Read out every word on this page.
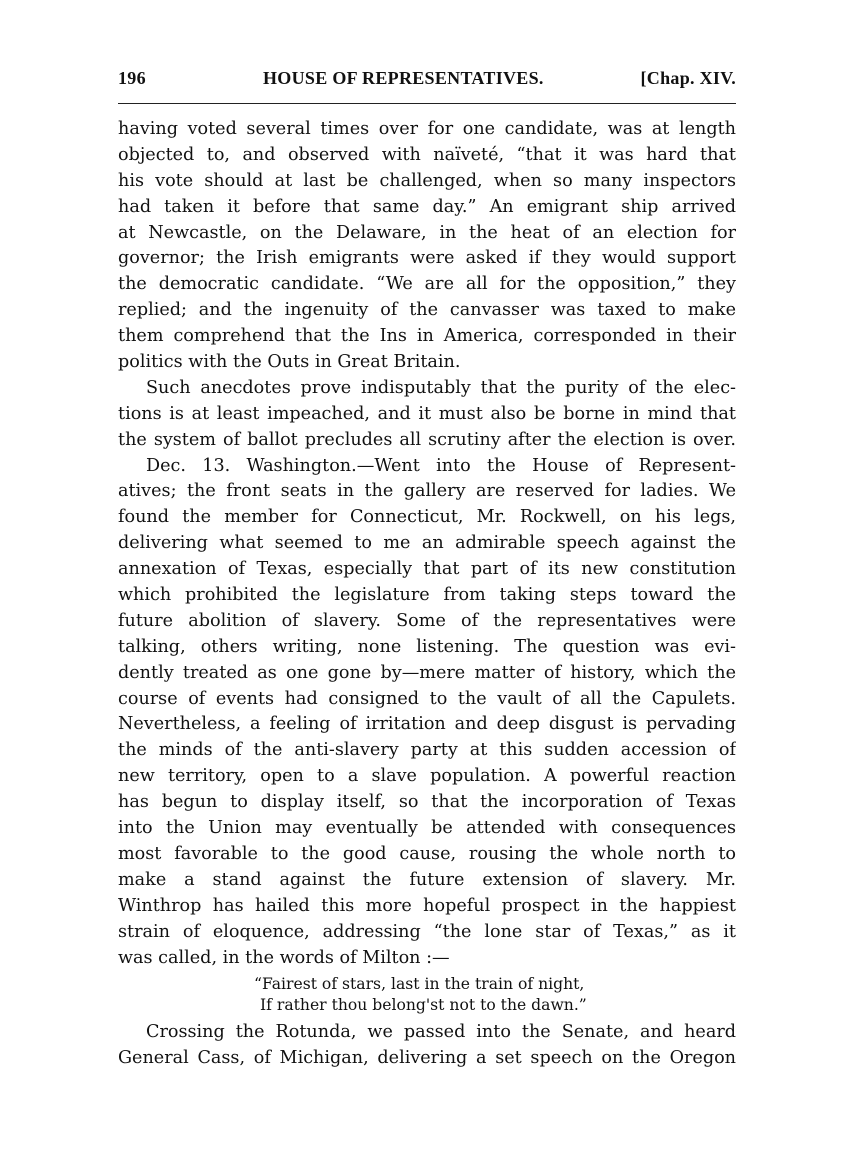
196	HOUSE OF REPRESENTATIVES.	[Chap. XIV.
having voted several times over for one candidate, was at length
objected to, and observed with naïveté, “that it was hard that
his vote should at last be challenged, when so many inspectors
had taken it before that same day.” An emigrant ship arrived
at Newcastle, on the Delaware, in the heat of an election for
governor; the Irish emigrants were asked if they would support
the democratic candidate. “We are all for the opposition,” they
replied; and the ingenuity of the canvasser was taxed to make
them comprehend that the Ins in America, corresponded in their
politics with the Outs in Great Britain.
Such anecdotes prove indisputably that the purity of the elec-
tions is at least impeached, and it must also be borne in mind that
the system of ballot precludes all scrutiny after the election is over.
Dec. 13. Washington.—Went into the House of Represent-
atives; the front seats in the gallery are reserved for ladies. We
found the member for Connecticut, Mr. Rockwell, on his legs,
delivering what seemed to me an admirable speech against the
annexation of Texas, especially that part of its new constitution
which prohibited the legislature from taking steps toward the
future abolition of slavery. Some of the representatives were
talking, others writing, none listening. The question was evi-
dently treated as one gone by—mere matter of history, which the
course of events had consigned to the vault of all the Capulets.
Nevertheless, a feeling of irritation and deep disgust is pervading
the minds of the anti-slavery party at this sudden accession of
new territory, open to a slave population. A powerful reaction
has begun to display itself, so that the incorporation of Texas
into the Union may eventually be attended with consequences
most favorable to the good cause, rousing the whole north to
make a stand against the future extension of slavery. Mr.
Winthrop has hailed this more hopeful prospect in the happiest
strain of eloquence, addressing “the lone star of Texas,” as it
was called, in the words of Milton :—
“Fairest of stars, last in the train of night,
If rather thou belong'st not to the dawn.”
Crossing the Rotunda, we passed into the Senate, and heard
General Cass, of Michigan, delivering a set speech on the Oregon
